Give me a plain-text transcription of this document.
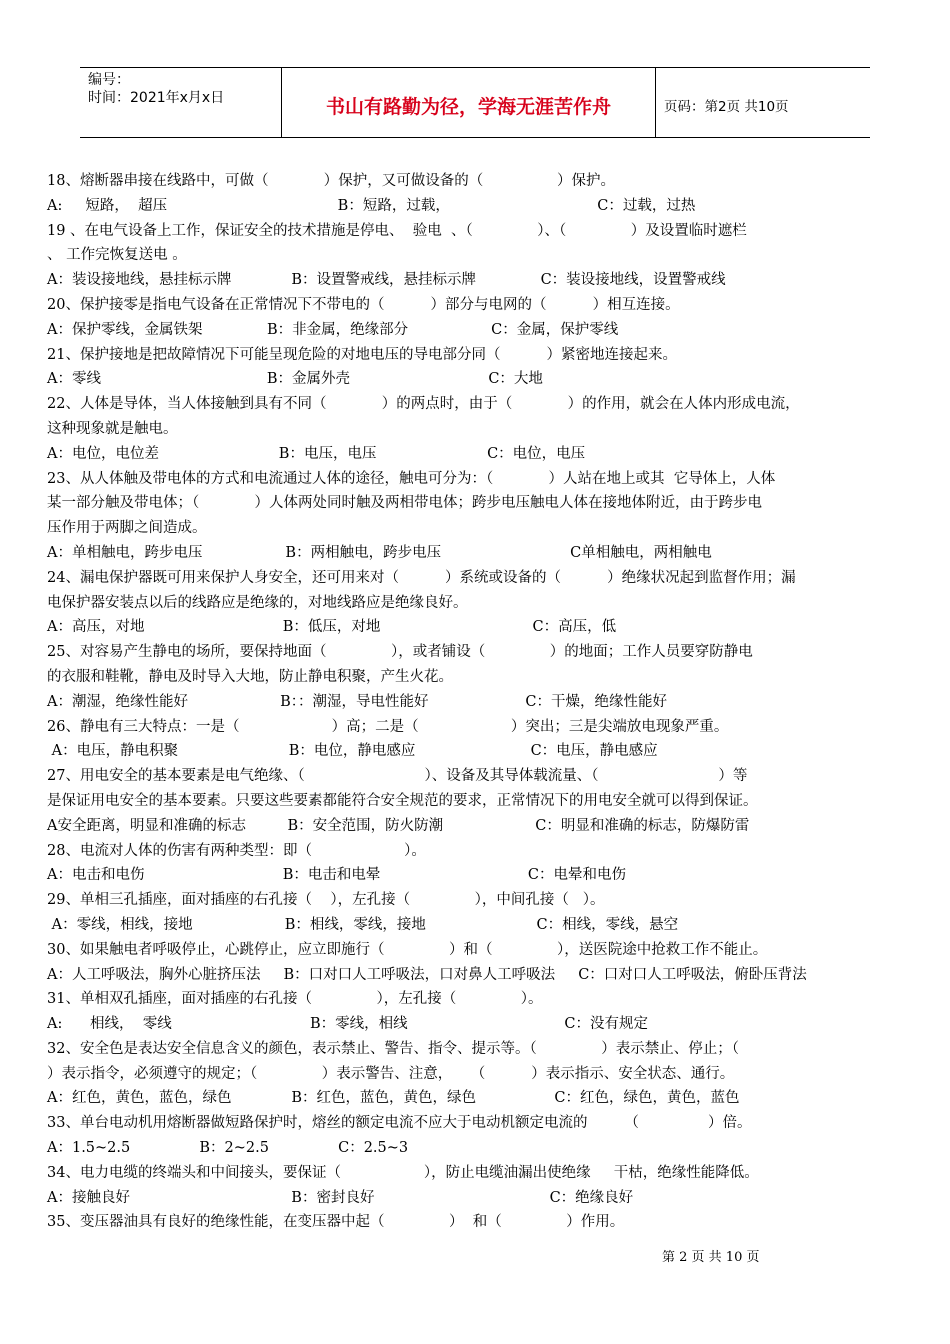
编号：
时间：2021年x月x日	书山有路勤为径，学海无涯苦作舟	页码：第2页 共10页
18、熔断器串接在线路中，可做（            ）保护，又可做设备的（                ）保护。
A:     短路，  超压                                     B：短路，过载，                                C：过载，过热
19 、在电气设备上工作，保证安全的技术措施是停电、  验电  、（              ）、（              ）及设置临时遮栏
、 工作完恢复送电 。
A：装设接地线，悬挂标示牌             B：设置警戒线，悬挂标示牌              C：装设接地线，设置警戒线
20、保护接零是指电气设备在正常情况下不带电的（          ）部分与电网的（          ）相互连接。
A：保护零线，金属铁架              B：非金属，绝缘部分                  C：金属，保护零线
21、保护接地是把故障情况下可能呈现危险的对地电压的导电部分同（          ）紧密地连接起来。
A：零线                                    B：金属外壳                              C：大地
22、人体是导体，当人体接触到具有不同（            ）的两点时，由于（            ）的作用，就会在人体内形成电流，
这种现象就是触电。
A：电位，电位差                          B：电压，电压                        C：电位，电压
23、从人体触及带电体的方式和电流通过人体的途径，触电可分为：（            ）人站在地上或其  它导体上，人体
某一部分触及带电体；（            ）人体两处同时触及两相带电体；跨步电压触电人体在接地体附近，由于跨步电
压作用于两脚之间造成。
A：单相触电，跨步电压                  B：两相触电，跨步电压                            C单相触电，两相触电
24、漏电保护器既可用来保护人身安全，还可用来对（          ）系统或设备的（          ）绝缘状况起到监督作用；漏
电保护器安装点以后的线路应是绝缘的，对地线路应是绝缘良好。
A：高压，对地                              B：低压，对地                                 C：高压，低
25、对容易产生静电的场所，要保持地面（              ），或者铺设（              ）的地面；工作人员要穿防静电
的衣服和鞋靴，静电及时导入大地，防止静电积聚，产生火花。
A：潮湿，绝缘性能好                    B：：潮湿，导电性能好                     C：干燥，绝缘性能好
26、静电有三大特点：一是（                    ）高；二是（                    ）突出；三是尖端放电现象严重。
A：电压，静电积聚                        B：电位，静电感应                         C：电压，静电感应
27、用电安全的基本要素是电气绝缘、（                          ）、设备及其导体载流量、（                          ）等
是保证用电安全的基本要素。只要这些要素都能符合安全规范的要求，正常情况下的用电安全就可以得到保证。
A安全距离，明显和准确的标志         B：安全范围，防火防潮                    C：明显和准确的标志，防爆防雷
28、电流对人体的伤害有两种类型：即（                    ）。
A：电击和电伤                              B：电击和电晕                                C：电晕和电伤
29、单相三孔插座，面对插座的右孔接（    ），左孔接（              ），中间孔接（   ）。
A：零线，相线，接地                    B：相线，零线，接地                        C：相线，零线，悬空
30、如果触电者呼吸停止，心跳停止，应立即施行（              ）和（              ），送医院途中抢救工作不能止。
A：人工呼吸法，胸外心脏挤压法     B：口对口人工呼吸法，口对鼻人工呼吸法     C：口对口人工呼吸法，俯卧压背法
31、单相双孔插座，面对插座的右孔接（              ），左孔接（              ）。
A:      相线，  零线                              B：零线，相线                                  C：没有规定
32、安全色是表达安全信息含义的颜色，表示禁止、警告、指令、提示等。（              ）表示禁止、停止；（
）表示指令，必须遵守的规定；（              ）表示警告、注意，    （          ）表示指示、安全状态、通行。
A：红色，黄色，蓝色，绿色             B：红色，蓝色，黄色，绿色                 C：红色，绿色，黄色，蓝色
33、单台电动机用熔断器做短路保护时，熔丝的额定电流不应大于电动机额定电流的        （               ）倍。
A：1.5~2.5               B：2~2.5               C：2.5~3
34、电力电缆的终端头和中间接头，要保证（                  ），防止电缆油漏出使绝缘     干枯，绝缘性能降低。
A：接触良好                                   B：密封良好                                      C：绝缘良好
35、变压器油具有良好的绝缘性能，在变压器中起（              ）  和（              ）作用。
第 2 页 共 10 页
